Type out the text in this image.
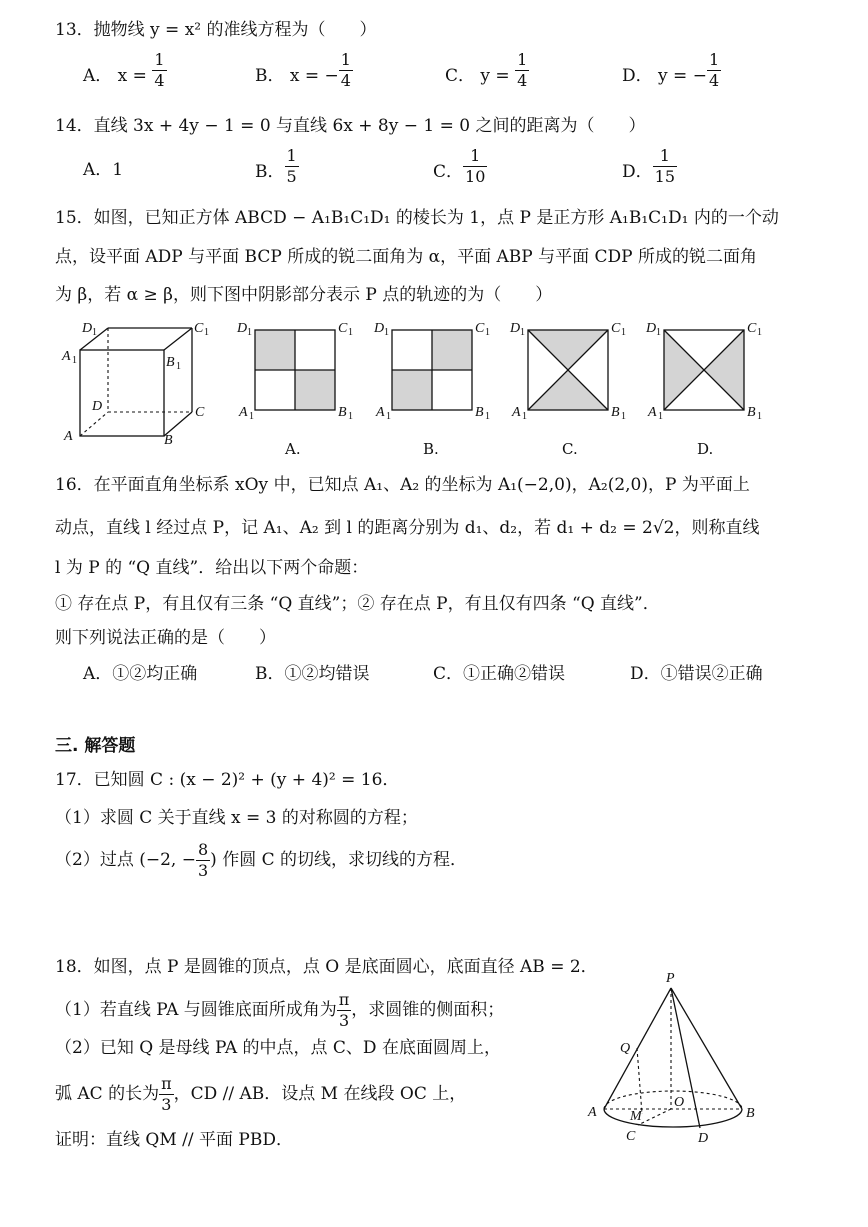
13．抛物线 y = x² 的准线方程为（　　）
A． $x = \frac{1}{4}$	B． x = − $\frac{1}{4}$	C． $y = \frac{1}{4}$	D． y = − $\frac{1}{4}$
14．直线 3x + 4y − 1 = 0 与直线 6x + 8y − 1 = 0 之间的距离为（　　）
A．1	B． $\frac{1}{5}$	C． $\frac{1}{10}$	D． $\frac{1}{15}$
15．如图，已知正方体 ABCD − A₁B₁C₁D₁ 的棱长为 1，点 P 是正方形 A₁B₁C₁D₁ 内的一个动
点，设平面 ADP 与平面 BCP 所成的锐二面角为 α，平面 ABP 与平面 CDP 所成的锐二面角
为 β，若 α ≥ β，则下图中阴影部分表示 P 点的轨迹的为（　　）
D 1	C 1
A 1	B 1
D	C
A	B
D 1	C 1
A 1	B 1
A.
D 1	C 1
A 1	B 1
B.
D 1	C 1
A 1	B 1
C.
D 1	C 1
A 1	B 1
D.
16．在平面直角坐标系 xOy 中，已知点 A₁、A₂ 的坐标为 A₁(−2,0)，A₂(2,0)，P 为平面上
动点，直线 l 经过点 P，记 A₁、A₂ 到 l 的距离分别为 d₁、d₂，若 d₁ + d₂ = 2√2，则称直线
l 为 P 的 “Q 直线”．给出以下两个命题：
① 存在点 P，有且仅有三条 “Q 直线”；② 存在点 P，有且仅有四条 “Q 直线”．
则下列说法正确的是（　　）
A．①②均正确	B．①②均错误	C．①正确②错误	D．①错误②正确
三. 解答题
17．已知圆 C : (x − 2)² + (y + 4)² = 16．
（1）求圆 C 关于直线 x = 3 的对称圆的方程；
（2）过点 (−2, − $\frac{8}{3}$ ) 作圆 C 的切线，求切线的方程．
18．如图，点 P 是圆锥的顶点，点 O 是底面圆心，底面直径 AB = 2．
（1）若直线 PA 与圆锥底面所成角为 $\frac{\pi}{3}$ ，求圆锥的侧面积；
（2）已知 Q 是母线 PA 的中点，点 C、D 在底面圆周上，
弧 AC 的长为 $\frac{\pi}{3}$ ，CD // AB．设点 M 在线段 OC 上，
证明：直线 QM // 平面 PBD．
P
Q
A	B
O
M
C	D
